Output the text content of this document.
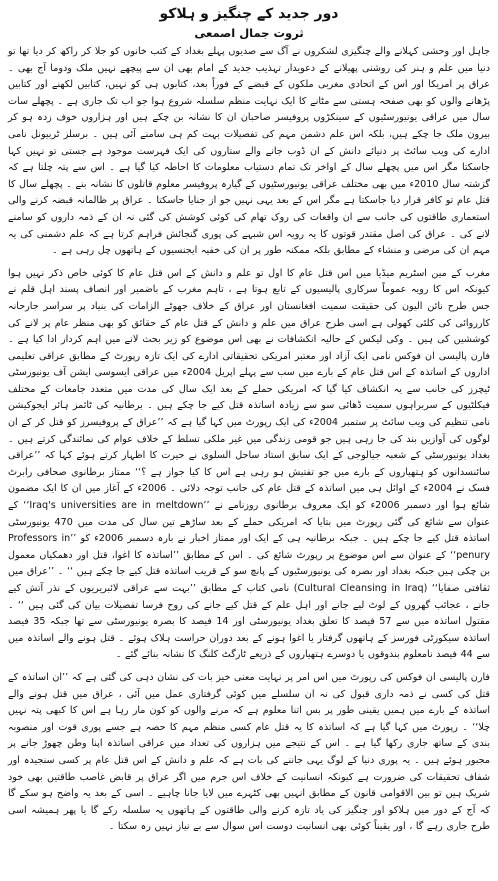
دور جدید کے چنگیز و ہلاکو
ثروت جمال اصمعی

جاہل اور وحشی کہلانے والے چنگیزی لشکروں نے آگ سے صدیوں پہلے بغداد کے کتب خانوں کو جلا کر راکھ کر دیا تھا تو دنیا میں علم و ہنر کی روشنی پھیلانے کے دعویدار تہذیب جدید کے امام بھی ان سے پیچھے نہیں ملک ودوما آج بھی ۔ عراق پر امریکا اور اس کے اتحادی مغربی ملکوں کے قبضے کے فوراً بعد، کتابوں ہی کو نہیں، کتابیں لکھنے اور کتابیں پڑھانے والوں کو بھی صفحہ ہستی سے مٹانے کا ایک نہایت منظم سلسلہ شروع ہوا جو اب تک جاری ہے ۔ پچھلے سات سال میں عراقی یونیورسٹیوں کے سینکڑوں پروفیسر صاحبان ان کا نشانہ بن چکے ہیں اور ہزاروں خوف زدہ ہو کر بیرون ملک جا چکے ہیں، بلکہ اس علم دشمن مہم کی تفصیلات بہت کم ہی سامنے آئی ہیں ۔ برسلز ٹربیونل نامی ادارے کی ویب سائٹ پر دنیائے دانش کے ان ڈوب جانے والے ستاروں کی ایک فہرست موجود ہے جستی تو نہیں کہا جاسکتا مگر اس میں پچھلے سال کے اواخر تک تمام دستیاب معلومات کا احاطہ کیا گیا ہے ۔ اس سے پتہ چلتا ہے کہ گزشتہ سال 2010ء میں بھی مختلف عراقی یونیورسٹیوں کے گیارہ پروفیسر معلوم قاتلوں کا نشانہ بنے ۔ پچھلے سال کا قتل عام تو کافر قرار دیا جاسکتا ہے مگر اس کے بعد یہی نہیں جو از جنایا جاسکتا ۔ عراق پر ظالمانہ قبضہ کرنے والی استعماری طاقتوں کی جانب سے ان واقعات کی روک تھام کی کوئی کوشش کی گئی نہ ان کے ذمہ داروں کو سامنے لانے کی ۔ عراق کی اصل مقتدر قوتوں کا یہ رویہ اس شبہے کی پوری گنجائش فراہم کرتا ہے کہ علم دشمنی کی یہ مہم ان کی مرضی و منشاء کے مطابق بلکہ ممکنہ طور پر ان کی خفیہ ایجنسیوں کے ہاتھوں چل رہی ہے ۔

مغرب کے مین اسٹریم میڈیا میں اس قتل عام کا اول تو علم و دانش کے اس قتل عام کا کوئی خاص ذکر نہیں ہوا کیونکہ اس کا رویہ عموماً سرکاری پالیسیوں کے تابع ہوتا ہے ، تاہم مغرب کے باضمیر اور انصاف پسند اہل قلم نے جس طرح نائن الیون کی حقیقت سمیت افغانستان اور عراق کے خلاف جھوٹے الزامات کی بنیاد پر سراسر جارحانہ کارروائی کی کلئی کھولی ہے اسی طرح عراق میں علم و دانش کے قتل عام کے حقائق کو بھی منظر عام پر لانے کی کوششیں کی ہیں ۔ وکی لیکس کے حالیہ انکشافات نے بھی اس موضوع کو زیر بحث لانے میں اہم کردار ادا کیا ہے ۔ فارن پالیسی ان فوکس نامی ایک آزاد اور معتبر امریکی تحقیقاتی ادارے کی ایک تازہ رپورٹ کے مطابق عراقی تعلیمی اداروں کے اساتذہ کے اس قتل عام کے بارے میں سب سے پہلے اپریل 2004ء میں عراقی ایسوسی ایشن آف یونیورسٹی ٹیچرز کی جانب سے یہ انکشاف کیا گیا کہ امریکی حملے کے بعد ایک سال کی مدت میں متعدد جامعات کے مختلف فیکلٹیوں کے سربراہوں سمیت ڈھائی سو سے زیادہ اساتذہ قتل کیے جا چکے ہیں ۔ برطانیہ کی ٹائمز ہائر ایجوکیشن نامی تنظیم کی ویب سائٹ پر ستمبر 2004ء کی ایک رپورٹ میں کہا گیا ہے کہ ’’عراق کے پروفیسرز کو قتل کر کے ان لوگوں کی آوازیں بند کی جا رہی ہیں جو قومی زندگی میں غیر ملکی تسلط کے خلاف عوام کی نمائندگی کرتے ہیں ۔ بغداد یونیورسٹی کے شعبہ جیالوجی کے ایک سابق استاد ساحل السلوی نے حیرت کا اظہار کرتے ہوئے کہا کہ ’’عراقی سائنسدانوں کو ہتھیاروں کے بارے میں جو تفتیش ہو رہی ہے اس کا کیا جواز ہے ؟‘‘ ممتاز برطانوی صحافی رابرٹ فسک نے 2004ء کے اوائل ہی میں اساتذہ کے قتل عام کی جانب توجہ دلائی ۔ 2006ء کے آغاز میں ان کا ایک مضمون شائع ہوا اور دسمبر 2006ء کو ایک معروف برطانوی روزنامے نے ’’Iraq's universities are in meltdown‘‘ کے عنوان سے شائع کی گئی رپورٹ میں بتایا کہ امریکی حملے کے بعد ساڑھے تین سال کی مدت میں 470 یونیورسٹی اساتذہ قتل کیے جا چکے ہیں ۔ جبکہ برطانیہ ہی کے ایک اور ممتاز اخبار نے بارہ دسمبر 2006ء کو ’’Professors in penury‘‘ کے عنوان سے اس موضوع پر رپورٹ شائع کی ۔ اس کے مطابق ’’اساتذہ کا اغوا، قتل اور دھمکیاں معمول بن چکی ہیں جبکہ بغداد اور بصرہ کی یونیورسٹیوں کے پانچ سو کے قریب اساتذہ قتل کیے جا چکے ہیں ‘‘ ۔ ’’عراق میں ثقافتی صفایا‘‘ (Cultural Cleansing in Iraq) نامی کتاب کے مطابق ’’بہت سے عراقی لائبریریوں کے نذر آتش کیے جانے ، عجائب گھروں کے لوٹ لیے جانے اور اہل علم کے قتل کیے جانے کی روح فرسا تفصیلات بیان کی گئی ہیں ‘‘ ۔ مقتول اساتذہ میں سے 57 فیصد کا تعلق بغداد یونیورسٹی اور 14 فیصد کا بصرہ یونیورسٹی سے تھا جبکہ 35 فیصد اساتذہ سیکورٹی فورسز کے ہاتھوں گرفتار یا اغوا ہونے کے بعد دوران حراست ہلاک ہوئے ۔ قتل ہونے والے اساتذہ میں سے 44 فیصد نامعلوم بندوقوں یا دوسرے ہتھیاروں کے ذریعے ٹارگٹ کلنگ کا نشانہ بنائے گئے ۔

فارن پالیسی ان فوکس کی رپورٹ میں اس امر پر نہایت معنی خیز بات کی نشان دہی کی گئی ہے کہ ’’ان اساتذہ کے قتل کی کسی نے ذمہ داری قبول کی نہ ان سلسلے میں کوئی گرفتاری عمل میں آئی ، عراق میں قتل ہونے والے اساتذہ کے بارے میں ہمیں یقینی طور پر بس اتنا معلوم ہے کہ مرنے والوں کو کون مار رہا ہے اس کا کبھی پتہ نہیں چلا‘‘ ۔ رپورٹ میں کہا گیا ہے کہ اساتذہ کا یہ قتل عام کسی منظم مہم کا حصہ ہے جسے پوری قوت اور منصوبہ بندی کے ساتھ جاری رکھا گیا ہے ۔ اس کے نتیجے میں ہزاروں کی تعداد میں عراقی اساتذہ اپنا وطن چھوڑ جانے پر مجبور ہوئے ہیں ۔ یہ پوری دنیا کے لوگ یہی جاننے کی بات ہے کہ علم و دانش کے اس قتل عام پر کسی سنجیدہ اور شفاف تحقیقات کی ضرورت ہے کیونکہ انسانیت کے خلاف اس جرم میں اگر عراق پر قابض غاصب طاقتیں بھی خود شریک ہیں تو بین الاقوامی قانون کے مطابق انہیں بھی کٹہرے میں لایا جانا چاہیے ۔ اسی کے بعد یہ واضح ہو سکے گا کہ آج کے دور میں ہلاکو اور چنگیز کی یاد تازہ کرنے والی طاقتوں کے ہاتھوں یہ سلسلہ رکے گا یا پھر ہمیشہ اسی طرح جاری رہے گا ، اور یقیناً کوئی بھی انسانیت دوست اس سوال سے بے نیاز نہیں رہ سکتا ۔
